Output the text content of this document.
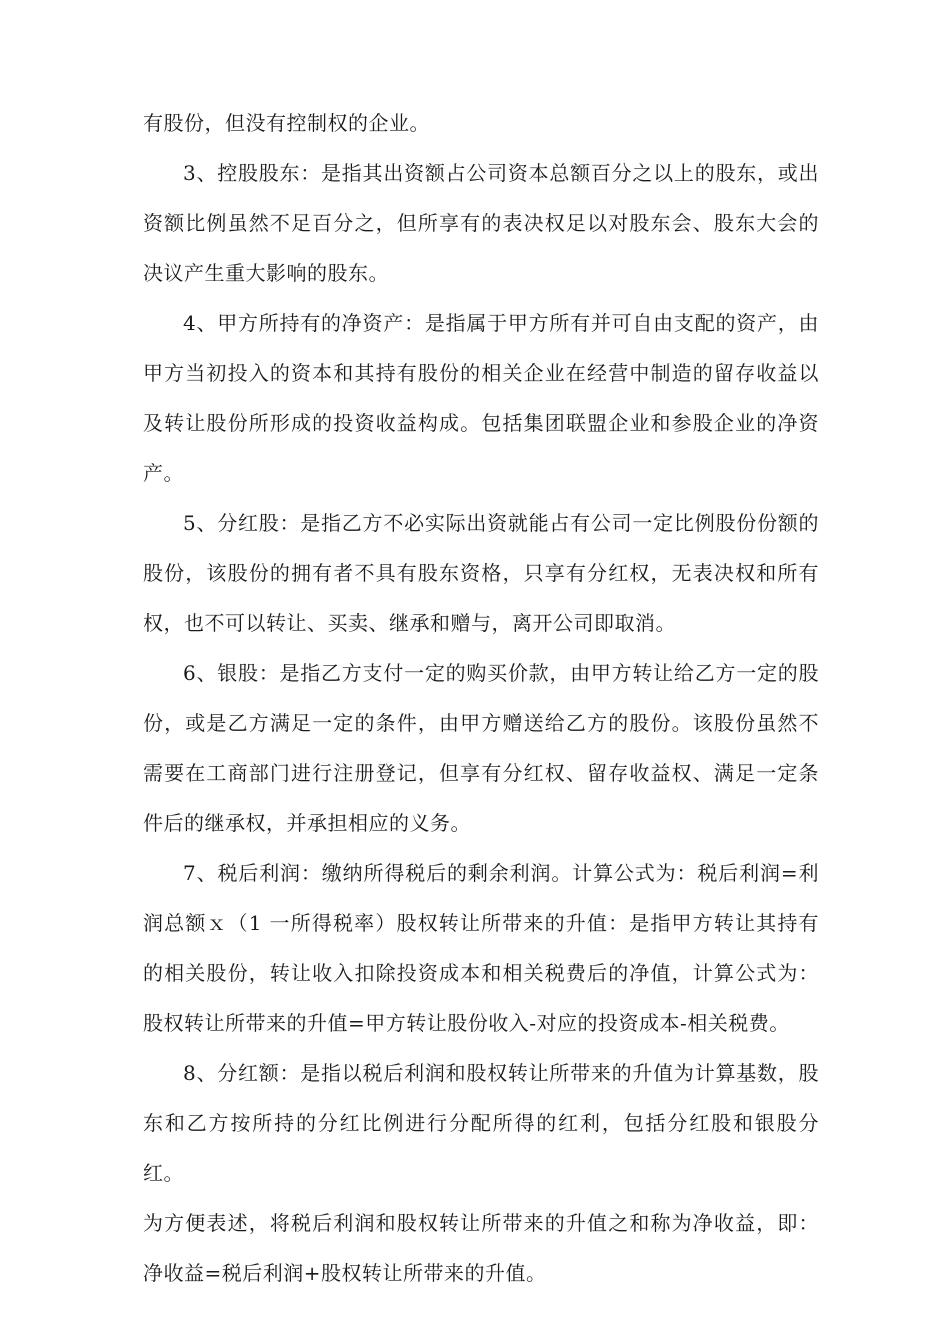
有股份，但没有控制权的企业。

3、控股股东：是指其出资额占公司资本总额百分之以上的股东，或出资额比例虽然不足百分之，但所享有的表决权足以对股东会、股东大会的决议产生重大影响的股东。

4、甲方所持有的净资产：是指属于甲方所有并可自由支配的资产，由甲方当初投入的资本和其持有股份的相关企业在经营中制造的留存收益以及转让股份所形成的投资收益构成。包括集团联盟企业和参股企业的净资产。

5、分红股：是指乙方不必实际出资就能占有公司一定比例股份份额的股份，该股份的拥有者不具有股东资格，只享有分红权，无表决权和所有权，也不可以转让、买卖、继承和赠与，离开公司即取消。

6、银股：是指乙方支付一定的购买价款，由甲方转让给乙方一定的股份，或是乙方满足一定的条件，由甲方赠送给乙方的股份。该股份虽然不需要在工商部门进行注册登记，但享有分红权、留存收益权、满足一定条件后的继承权，并承担相应的义务。

7、税后利润：缴纳所得税后的剩余利润。计算公式为：税后利润=利润总额ｘ（1 一所得税率）股权转让所带来的升值：是指甲方转让其持有的相关股份，转让收入扣除投资成本和相关税费后的净值，计算公式为：股权转让所带来的升值=甲方转让股份收入-对应的投资成本-相关税费。

8、分红额：是指以税后利润和股权转让所带来的升值为计算基数，股东和乙方按所持的分红比例进行分配所得的红利，包括分红股和银股分红。

为方便表述，将税后利润和股权转让所带来的升值之和称为净收益，即：净收益=税后利润+股权转让所带来的升值。
